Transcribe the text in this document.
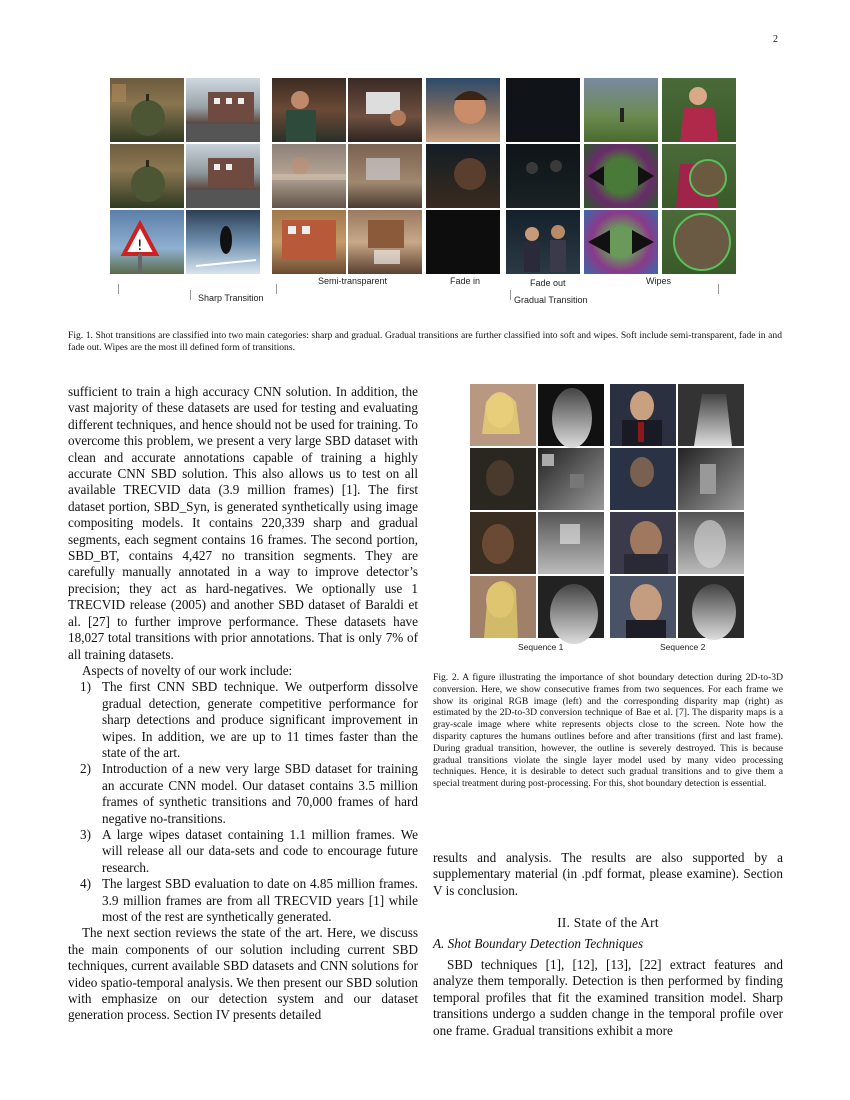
2
!
Sharp Transition
Semi-transparent	Fade in	Fade out	Wipes
Gradual Transition
Fig. 1. Shot transitions are classified into two main categories: sharp and gradual. Gradual transitions are further classified into soft and wipes. Soft include semi-transparent, fade in and fade out. Wipes are the most ill defined form of transitions.

sufficient to train a high accuracy CNN solution. In addition, the vast majority of these datasets are used for testing and evaluating different techniques, and hence should not be used for training. To overcome this problem, we present a very large SBD dataset with clean and accurate annotations capable of training a highly accurate CNN SBD solution. This also allows us to test on all available TRECVID data (3.9 million frames) [1]. The first dataset portion, SBD_Syn, is generated synthetically using image compositing models. It contains 220,339 sharp and gradual segments, each segment contains 16 frames. The second portion, SBD_BT, contains 4,427 no transition segments. They are carefully manually annotated in a way to improve detector’s precision; they act as hard-negatives. We optionally use 1 TRECVID release (2005) and another SBD dataset of Baraldi et al. [27] to further improve performance. These datasets have 18,027 total transitions with prior annotations. That is only 7% of all training datasets.

Aspects of novelty of our work include:

1) The first CNN SBD technique. We outperform dissolve gradual detection, generate competitive performance for sharp detections and produce significant improvement in wipes. In addition, we are up to 11 times faster than the state of the art.
2) Introduction of a new very large SBD dataset for training an accurate CNN model. Our dataset contains 3.5 million frames of synthetic transitions and 70,000 frames of hard negative no-transitions.
3) A large wipes dataset containing 1.1 million frames. We will release all our data-sets and code to encourage future research.
4) The largest SBD evaluation to date on 4.85 million frames. 3.9 million frames are from all TRECVID years [1] while most of the rest are synthetically generated.

The next section reviews the state of the art. Here, we discuss the main components of our solution including current SBD techniques, current available SBD datasets and CNN solutions for video spatio-temporal analysis. We then present our SBD solution with emphasize on our detection system and our dataset generation process. Section IV presents detailed

Sequence 1	Sequence 2
Fig. 2. A figure illustrating the importance of shot boundary detection during 2D-to-3D conversion. Here, we show consecutive frames from two sequences. For each frame we show its original RGB image (left) and the corresponding disparity map (right) as estimated by the 2D-to-3D conversion technique of Bae et al. [7]. The disparity maps is a gray-scale image where white represents objects close to the screen. Note how the disparity captures the humans outlines before and after transitions (first and last frame). During gradual transition, however, the outline is severely destroyed. This is because gradual transitions violate the single layer model used by many video processing techniques. Hence, it is desirable to detect such gradual transitions and to give them a special treatment during post-processing. For this, shot boundary detection is essential.

results and analysis. The results are also supported by a supplementary material (in .pdf format, please examine). Section V is conclusion.

II. State of the Art
A. Shot Boundary Detection Techniques

SBD techniques [1], [12], [13], [22] extract features and analyze them temporally. Detection is then performed by finding temporal profiles that fit the examined transition model. Sharp transitions undergo a sudden change in the temporal profile over one frame. Gradual transitions exhibit a more
